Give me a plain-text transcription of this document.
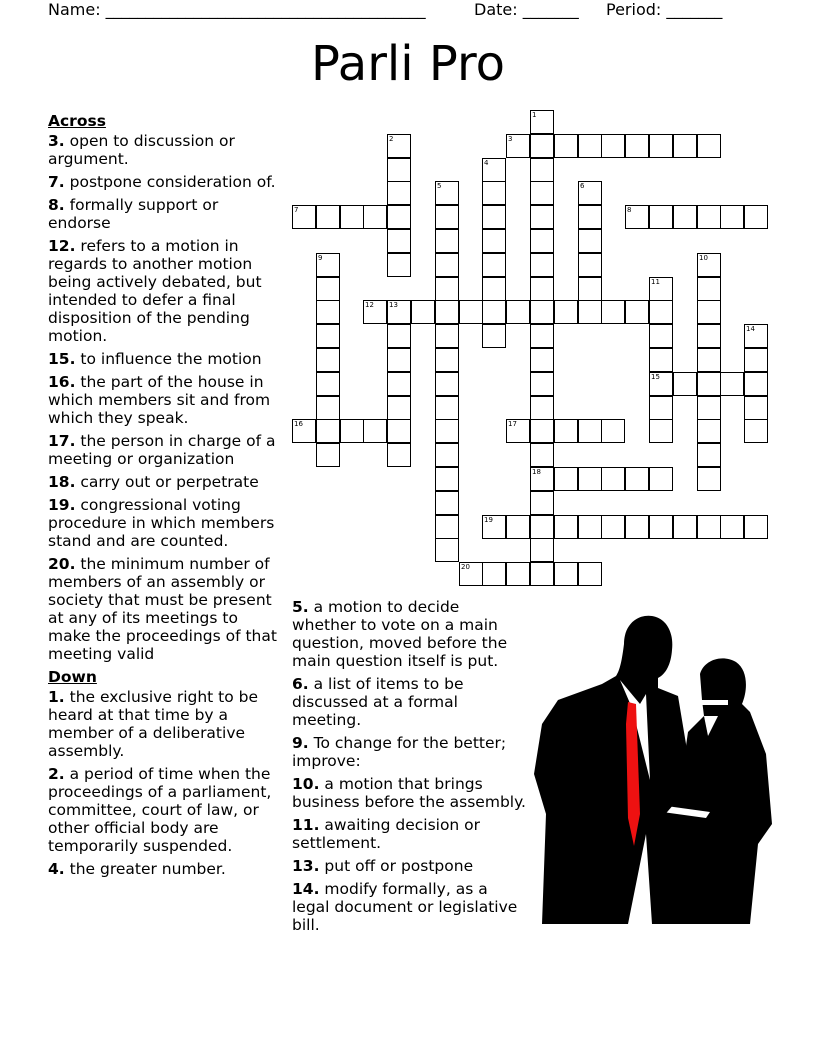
Name: ________________________________________	Date: _______ Period: _______
Parli Pro
1
18
2	3
4
5	6
7	8
9	10
11
15
12 13
14
16	17
19
20
Across
3. open to discussion or argument.
7. postpone consideration of.
8. formally support or endorse
12. refers to a motion in regards to another motion being actively debated, but intended to defer a final disposition of the pending motion.
15. to influence the motion
16. the part of the house in which members sit and from which they speak.
17. the person in charge of a meeting or organization
18. carry out or perpetrate
19. congressional voting procedure in which members stand and are counted.
20. the minimum number of members of an assembly or society that must be present at any of its meetings to make the proceedings of that meeting valid
Down
1. the exclusive right to be heard at that time by a member of a deliberative assembly.
2. a period of time when the proceedings of a parliament, committee, court of law, or other official body are temporarily suspended.
4. the greater number.
5. a motion to decide whether to vote on a main question, moved before the main question itself is put.
6. a list of items to be discussed at a formal meeting.
9. To change for the better; improve:
10. a motion that brings business before the assembly.
11. awaiting decision or settlement.
13. put off or postpone
14. modify formally, as a legal document or legislative bill.
